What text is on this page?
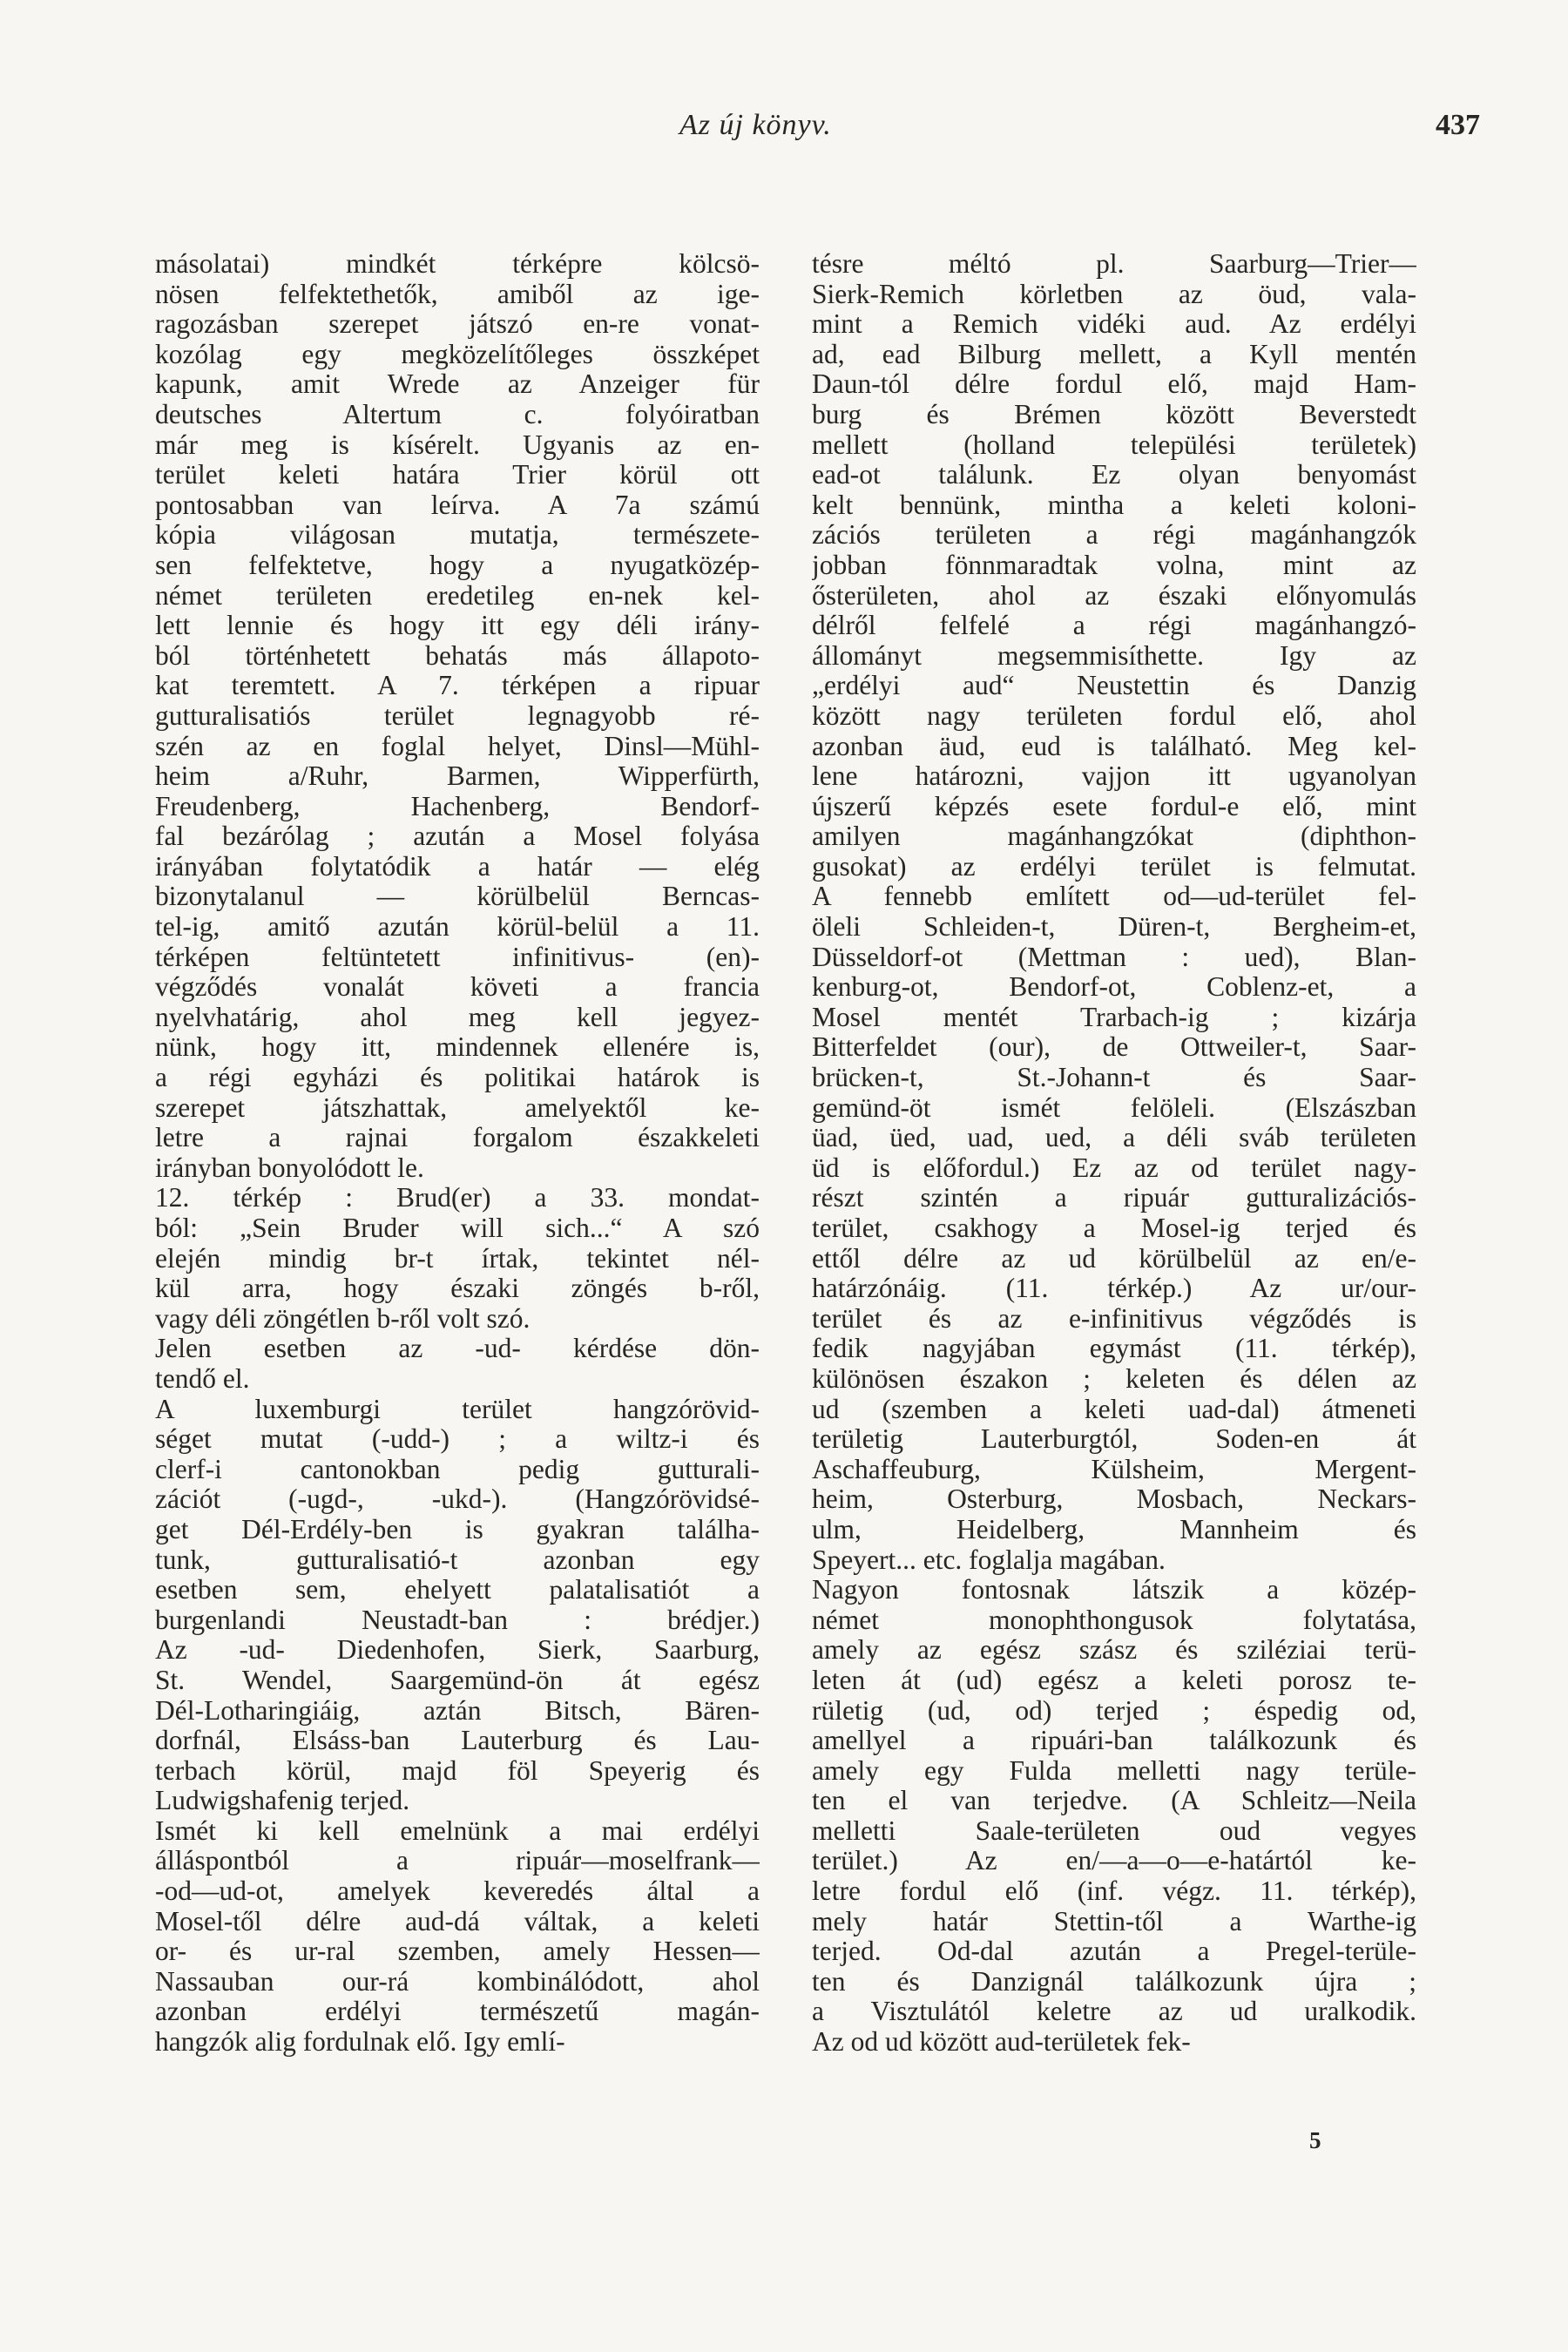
Az új könyv.	437
másolatai) mindkét térképre kölcsö-
nösen felfektethetők, amiből az ige-
ragozásban szerepet játszó en-re vonat-
kozólag egy megközelítőleges összképet
kapunk, amit Wrede az Anzeiger für
deutsches Altertum c. folyóiratban
már meg is kísérelt. Ugyanis az en-
terület keleti határa Trier körül ott
pontosabban van leírva. A 7a számú
kópia világosan mutatja, természete-
sen felfektetve, hogy a nyugatközép-
német területen eredetileg en-nek kel-
lett lennie és hogy itt egy déli irány-
ból történhetett behatás más állapoto-
kat teremtett. A 7. térképen a ripuar
gutturalisatiós terület legnagyobb ré-
szén az en foglal helyet, Dinsl—Mühl-
heim a/Ruhr, Barmen, Wipperfürth,
Freudenberg, Hachenberg, Bendorf-
fal bezárólag ; azután a Mosel folyása
irányában folytatódik a határ — elég
bizonytalanul — körülbelül Berncas-
tel-ig, amitő azután körül-belül a 11.
térképen feltüntetett infinitivus- (en)-
végződés vonalát követi a francia
nyelvhatárig, ahol meg kell jegyez-
nünk, hogy itt, mindennek ellenére is,
a régi egyházi és politikai határok is
szerepet játszhattak, amelyektől ke-
letre a rajnai forgalom északkeleti
irányban bonyolódott le.
12. térkép : Brud(er) a 33. mondat-
ból: „Sein Bruder will sich...“ A szó
elején mindig br-t írtak, tekintet nél-
kül arra, hogy északi zöngés b-ről,
vagy déli zöngétlen b-ről volt szó.
Jelen esetben az -ud- kérdése dön-
tendő el.
A luxemburgi terület hangzórövid-
séget mutat (-udd-) ; a wiltz-i és
clerf-i cantonokban pedig gutturali-
zációt (-ugd-, -ukd-). (Hangzórövidsé-
get Dél-Erdély-ben is gyakran találha-
tunk, gutturalisatió-t azonban egy
esetben sem, ehelyett palatalisatiót a
burgenlandi Neustadt-ban : brédjer.)
Az -ud- Diedenhofen, Sierk, Saarburg,
St. Wendel, Saargemünd-ön át egész
Dél-Lotharingiáig, aztán Bitsch, Bären-
dorfnál, Elsáss-ban Lauterburg és Lau-
terbach körül, majd föl Speyerig és
Ludwigshafenig terjed.
Ismét ki kell emelnünk a mai erdélyi
álláspontból a ripuár—moselfrank—
-od—ud-ot, amelyek keveredés által a
Mosel-től délre aud-dá váltak, a keleti
or- és ur-ral szemben, amely Hessen—
Nassauban our-rá kombinálódott, ahol
azonban erdélyi természetű magán-
hangzók alig fordulnak elő. Igy emlí-
tésre méltó pl. Saarburg—Trier—
Sierk-Remich körletben az öud, vala-
mint a Remich vidéki aud. Az erdélyi
ad, ead Bilburg mellett, a Kyll mentén
Daun-tól délre fordul elő, majd Ham-
burg és Brémen között Beverstedt
mellett (holland települési területek)
ead-ot találunk. Ez olyan benyomást
kelt bennünk, mintha a keleti koloni-
zációs területen a régi magánhangzók
jobban fönnmaradtak volna, mint az
ősterületen, ahol az északi előnyomulás
délről felfelé a régi magánhangzó-
állományt megsemmisíthette. Igy az
„erdélyi aud“ Neustettin és Danzig
között nagy területen fordul elő, ahol
azonban äud, eud is található. Meg kel-
lene határozni, vajjon itt ugyanolyan
újszerű képzés esete fordul-e elő, mint
amilyen magánhangzókat (diphthon-
gusokat) az erdélyi terület is felmutat.
A fennebb említett od—ud-terület fel-
öleli Schleiden-t, Düren-t, Bergheim-et,
Düsseldorf-ot (Mettman : ued), Blan-
kenburg-ot, Bendorf-ot, Coblenz-et, a
Mosel mentét Trarbach-ig ; kizárja
Bitterfeldet (our), de Ottweiler-t, Saar-
brücken-t, St.-Johann-t és Saar-
gemünd-öt ismét felöleli. (Elszászban
üad, üed, uad, ued, a déli sváb területen
üd is előfordul.) Ez az od terület nagy-
részt szintén a ripuár gutturalizációs-
terület, csakhogy a Mosel-ig terjed és
ettől délre az ud körülbelül az en/e-
határzónáig. (11. térkép.) Az ur/our-
terület és az e-infinitivus végződés is
fedik nagyjában egymást (11. térkép),
különösen északon ; keleten és délen az
ud (szemben a keleti uad-dal) átmeneti
területig Lauterburgtól, Soden-en át
Aschaffeuburg, Külsheim, Mergent-
heim, Osterburg, Mosbach, Neckars-
ulm, Heidelberg, Mannheim és
Speyert... etc. foglalja magában.
Nagyon fontosnak látszik a közép-
német monophthongusok folytatása,
amely az egész szász és sziléziai terü-
leten át (ud) egész a keleti porosz te-
rületig (ud, od) terjed ; éspedig od,
amellyel a ripuári-ban találkozunk és
amely egy Fulda melletti nagy terüle-
ten el van terjedve. (A Schleitz—Neila
melletti Saale-területen oud vegyes
terület.) Az en/—a—o—e-határtól ke-
letre fordul elő (inf. végz. 11. térkép),
mely határ Stettin-től a Warthe-ig
terjed. Od-dal azután a Pregel-terüle-
ten és Danzignál találkozunk újra ;
a Visztulától keletre az ud uralkodik.
Az od ud között aud-területek fek-
5
